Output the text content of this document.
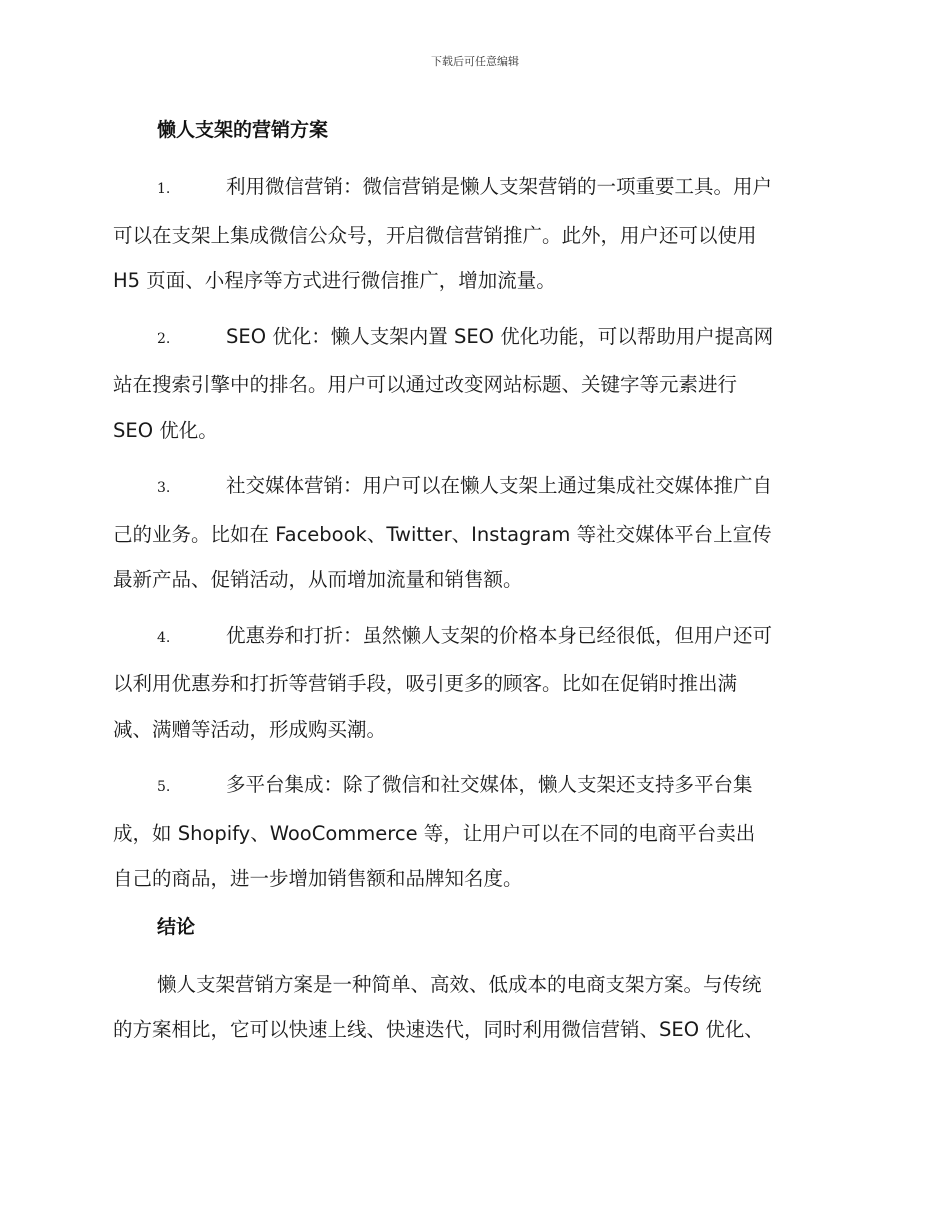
下载后可任意编辑
懒人支架的营销方案
1.	利用微信营销：微信营销是懒人支架营销的一项重要工具。用户
可以在支架上集成微信公众号，开启微信营销推广。此外，用户还可以使用
H5 页面、小程序等方式进行微信推广，增加流量。
2.	SEO 优化：懒人支架内置 SEO 优化功能，可以帮助用户提高网
站在搜索引擎中的排名。用户可以通过改变网站标题、关键字等元素进行
SEO 优化。
3.	社交媒体营销：用户可以在懒人支架上通过集成社交媒体推广自
己的业务。比如在 Facebook、Twitter、Instagram 等社交媒体平台上宣传
最新产品、促销活动，从而增加流量和销售额。
4.	优惠券和打折：虽然懒人支架的价格本身已经很低，但用户还可
以利用优惠券和打折等营销手段，吸引更多的顾客。比如在促销时推出满
减、满赠等活动，形成购买潮。
5.	多平台集成：除了微信和社交媒体，懒人支架还支持多平台集
成，如 Shopify、WooCommerce 等，让用户可以在不同的电商平台卖出
自己的商品，进一步增加销售额和品牌知名度。
结论
懒人支架营销方案是一种简单、高效、低成本的电商支架方案。与传统
的方案相比，它可以快速上线、快速迭代，同时利用微信营销、SEO 优化、
